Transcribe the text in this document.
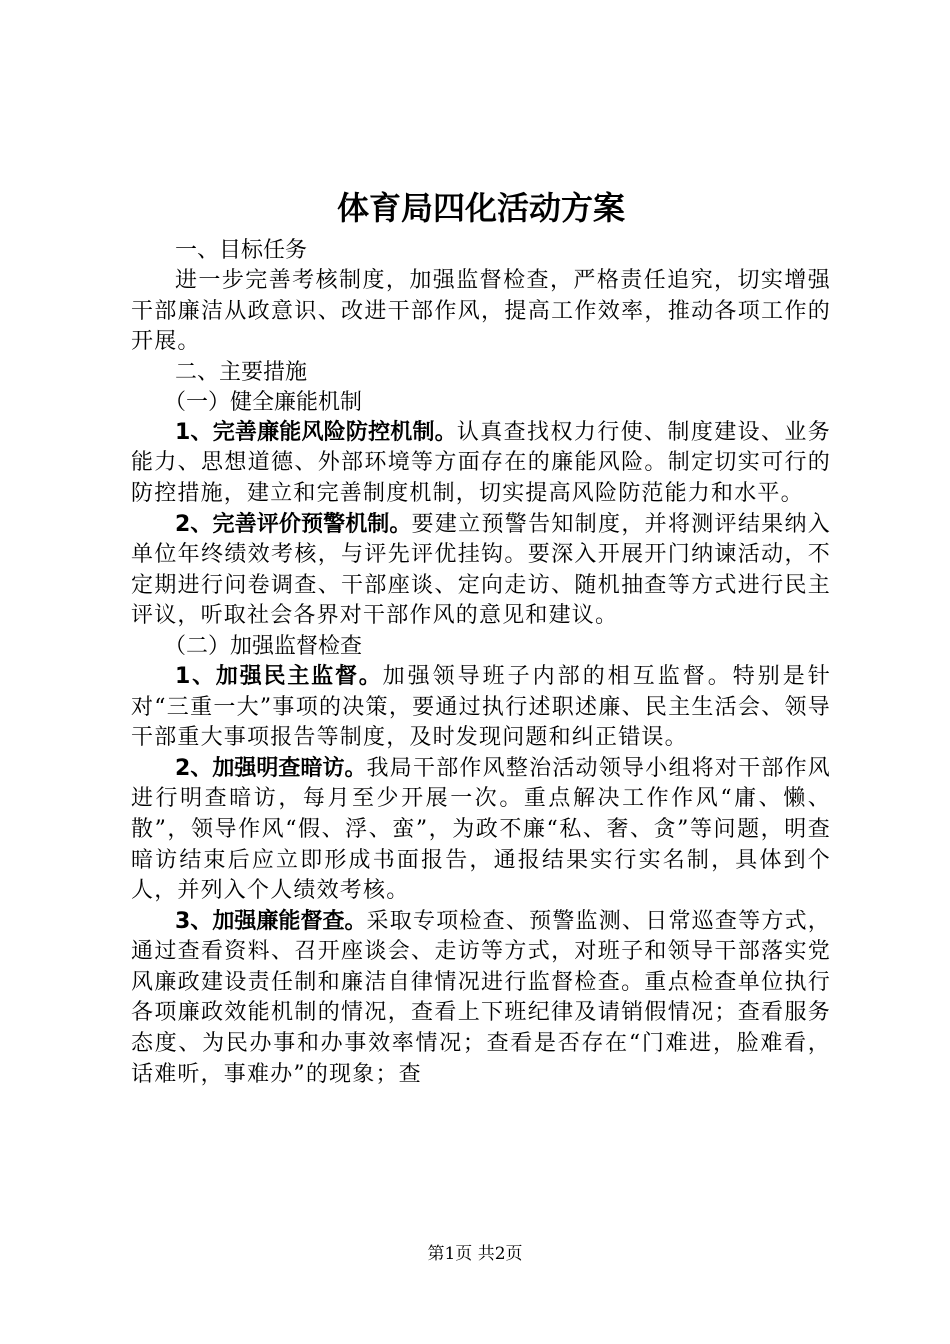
体育局四化活动方案

一、目标任务

进一步完善考核制度，加强监督检查，严格责任追究，切实增强干部廉洁从政意识、改进干部作风，提高工作效率，推动各项工作的开展。

二、主要措施

（一）健全廉能机制

1、完善廉能风险防控机制。认真查找权力行使、制度建设、业务能力、思想道德、外部环境等方面存在的廉能风险。制定切实可行的防控措施，建立和完善制度机制，切实提高风险防范能力和水平。

2、完善评价预警机制。要建立预警告知制度，并将测评结果纳入单位年终绩效考核，与评先评优挂钩。要深入开展开门纳谏活动，不定期进行问卷调查、干部座谈、定向走访、随机抽查等方式进行民主评议，听取社会各界对干部作风的意见和建议。

（二）加强监督检查

1、加强民主监督。加强领导班子内部的相互监督。特别是针对“三重一大”事项的决策，要通过执行述职述廉、民主生活会、领导干部重大事项报告等制度，及时发现问题和纠正错误。

2、加强明查暗访。我局干部作风整治活动领导小组将对干部作风进行明查暗访，每月至少开展一次。重点解决工作作风“庸、懒、散”，领导作风“假、浮、蛮”，为政不廉“私、奢、贪”等问题，明查暗访结束后应立即形成书面报告，通报结果实行实名制，具体到个人，并列入个人绩效考核。

3、加强廉能督查。采取专项检查、预警监测、日常巡查等方式，通过查看资料、召开座谈会、走访等方式，对班子和领导干部落实党风廉政建设责任制和廉洁自律情况进行监督检查。重点检查单位执行各项廉政效能机制的情况，查看上下班纪律及请销假情况；查看服务态度、为民办事和办事效率情况；查看是否存在“门难进，脸难看，话难听，事难办”的现象；查

第1页 共2页
